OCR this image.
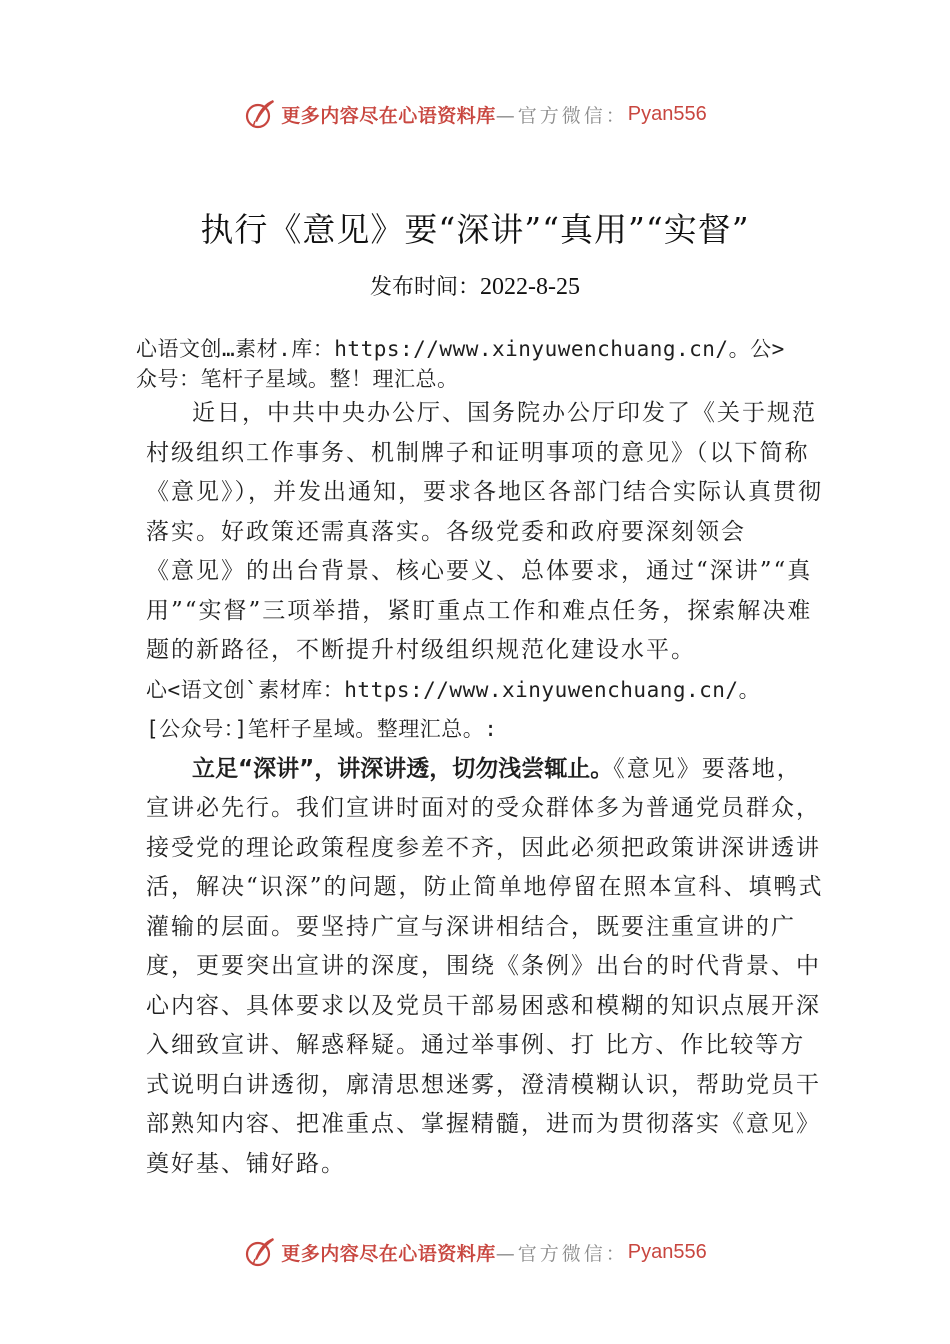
更多内容尽在心语资料库 —官方微信： Pyan556
执行《意见》要“深讲”“真用”“实督”
发布时间：2022-8-25

心语文创…素材.库：https://www.xinyuwenchuang.cn/。公>

众号：笔杆子星域。整！理汇总。

近日，中共中央办公厅、国务院办公厅印发了《关于规范村级组织工作事务、机制牌子和证明事项的意见》（以下简称《意见》），并发出通知，要求各地区各部门结合实际认真贯彻落实。好政策还需真落实。各级党委和政府要深刻领会

《意见》的出台背景、核心要义、总体要求，通过“深讲”“真用”“实督”三项举措，紧盯重点工作和难点任务，探索解决难题的新路径，不断提升村级组织规范化建设水平。

心<语文创`素材库：https://www.xinyuwenchuang.cn/。

[公众号：]笔杆子星域。整理汇总。:

立足“深讲”，讲深讲透，切勿浅尝辄止。《意见》要落地，宣讲必先行。我们宣讲时面对的受众群体多为普通党员群众，接受党的理论政策程度参差不齐，因此必须把政策讲深讲透讲活，解决“识深”的问题，防止简单地停留在照本宣科、填鸭式灌输的层面。要坚持广宣与深讲相结合，既要注重宣讲的广度，更要突出宣讲的深度，围绕《条例》出台的时代背景、中心内容、具体要求以及党员干部易困惑和模糊的知识点展开深入细致宣讲、解惑释疑。通过举事例、打 比方、作比较等方式说明白讲透彻，廓清思想迷雾，澄清模糊认识，帮助党员干部熟知内容、把准重点、掌握精髓，进而为贯彻落实《意见》奠好基、铺好路。

更多内容尽在心语资料库 —官方微信： Pyan556
